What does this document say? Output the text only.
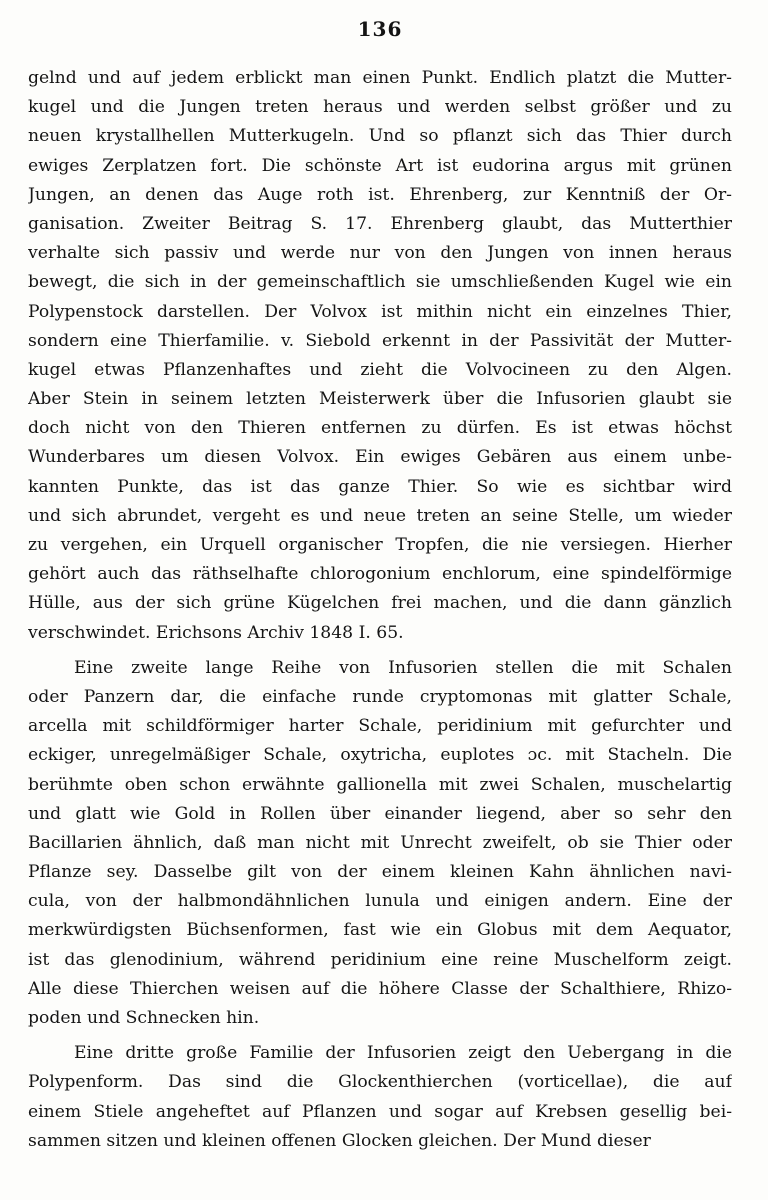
136
gelnd und auf jedem erblickt man einen Punkt. Endlich platzt die Mutter-
kugel und die Jungen treten heraus und werden selbst größer und zu
neuen krystallhellen Mutterkugeln. Und so pflanzt sich das Thier durch
ewiges Zerplatzen fort. Die schönste Art ist eudorina argus mit grünen
Jungen, an denen das Auge roth ist. Ehrenberg, zur Kenntniß der Or-
ganisation. Zweiter Beitrag S. 17. Ehrenberg glaubt, das Mutterthier
verhalte sich passiv und werde nur von den Jungen von innen heraus
bewegt, die sich in der gemeinschaftlich sie umschließenden Kugel wie ein
Polypenstock darstellen. Der Volvox ist mithin nicht ein einzelnes Thier,
sondern eine Thierfamilie. v. Siebold erkennt in der Passivität der Mutter-
kugel etwas Pflanzenhaftes und zieht die Volvocineen zu den Algen.
Aber Stein in seinem letzten Meisterwerk über die Infusorien glaubt sie
doch nicht von den Thieren entfernen zu dürfen. Es ist etwas höchst
Wunderbares um diesen Volvox. Ein ewiges Gebären aus einem unbe-
kannten Punkte, das ist das ganze Thier. So wie es sichtbar wird
und sich abrundet, vergeht es und neue treten an seine Stelle, um wieder
zu vergehen, ein Urquell organischer Tropfen, die nie versiegen. Hierher
gehört auch das räthselhafte chlorogonium enchlorum, eine spindelförmige
Hülle, aus der sich grüne Kügelchen frei machen, und die dann gänzlich
verschwindet. Erichsons Archiv 1848 I. 65.
Eine zweite lange Reihe von Infusorien stellen die mit Schalen
oder Panzern dar, die einfache runde cryptomonas mit glatter Schale,
arcella mit schildförmiger harter Schale, peridinium mit gefurchter und
eckiger, unregelmäßiger Schale, oxytricha, euplotes ɔc. mit Stacheln. Die
berühmte oben schon erwähnte gallionella mit zwei Schalen, muschelartig
und glatt wie Gold in Rollen über einander liegend, aber so sehr den
Bacillarien ähnlich, daß man nicht mit Unrecht zweifelt, ob sie Thier oder
Pflanze sey. Dasselbe gilt von der einem kleinen Kahn ähnlichen navi-
cula, von der halbmondähnlichen lunula und einigen andern. Eine der
merkwürdigsten Büchsenformen, fast wie ein Globus mit dem Aequator,
ist das glenodinium, während peridinium eine reine Muschelform zeigt.
Alle diese Thierchen weisen auf die höhere Classe der Schalthiere, Rhizo-
poden und Schnecken hin.
Eine dritte große Familie der Infusorien zeigt den Uebergang in die
Polypenform. Das sind die Glockenthierchen (vorticellae), die auf
einem Stiele angeheftet auf Pflanzen und sogar auf Krebsen gesellig bei-
sammen sitzen und kleinen offenen Glocken gleichen. Der Mund dieser
